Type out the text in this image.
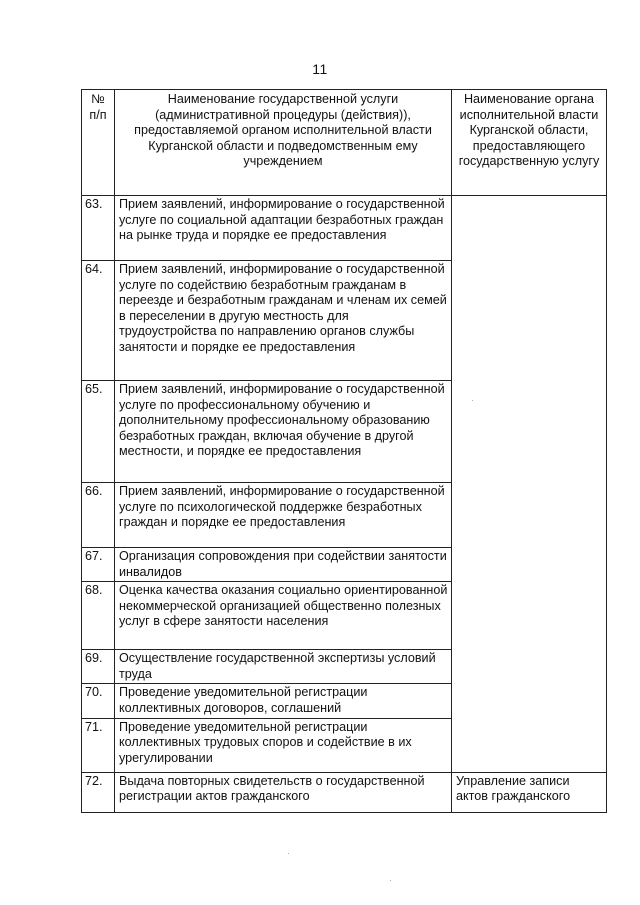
11
№ п/п	Наименование государственной услуги (административной процедуры (действия)), предоставляемой органом исполнительной власти Курганской области и подведомственным ему учреждением	Наименование органа исполнительной власти Курганской области, предоставляющего государственную услугу
63.	Прием заявлений, информирование о государственной услуге по социальной адаптации безработных граждан на рынке труда и порядке ее предоставления	
64.	Прием заявлений, информирование о государственной услуге по содействию безработным гражданам в переезде и безработным гражданам и членам их семей в переселении в другую местность для трудоустройства по направлению органов службы занятости и порядке ее предоставления	
65.	Прием заявлений, информирование о государственной услуге по профессиональному обучению и дополнительному профессиональному образованию безработных граждан, включая обучение в другой местности, и порядке ее предоставления	
66.	Прием заявлений, информирование о государственной услуге по психологической поддержке безработных граждан и порядке ее предоставления	
67.	Организация сопровождения при содействии занятости инвалидов	
68.	Оценка качества оказания социально ориентированной некоммерческой организацией общественно полезных услуг в сфере занятости населения	
69.	Осуществление государственной экспертизы условий труда	
70.	Проведение уведомительной регистрации коллективных договоров, соглашений	
71.	Проведение уведомительной регистрации коллективных трудовых споров и содействие в их урегулировании	
72.	Выдача повторных свидетельств о государственной регистрации актов гражданского	Управление записи актов гражданского
